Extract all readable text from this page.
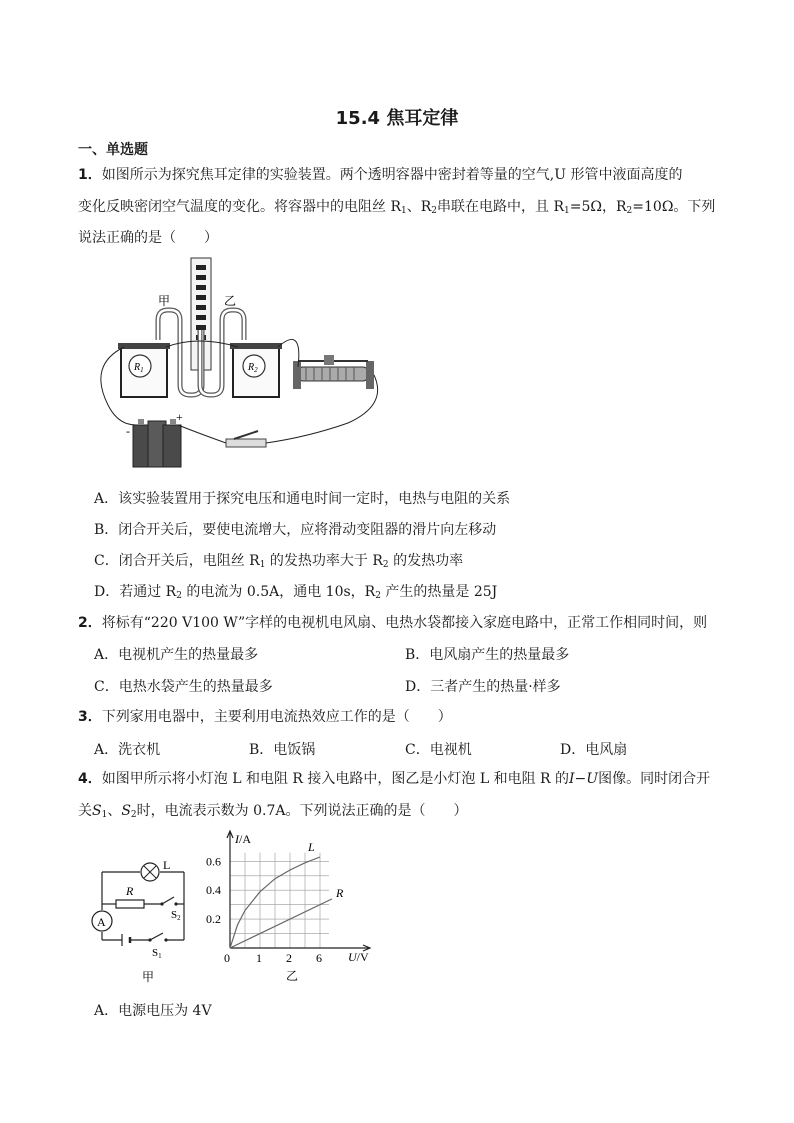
15.4 焦耳定律
一、单选题
1．如图所示为探究焦耳定律的实验装置。两个透明容器中密封着等量的空气,U 形管中液面高度的
变化反映密闭空气温度的变化。将容器中的电阻丝 $R_1$、$R_2$串联在电路中，且 $R_1=5\Omega$，$R_2=10\Omega$。下列
说法正确的是（　　）
甲	乙
$R_1$	$R_2$
-
+
A．该实验装置用于探究电压和通电时间一定时，电热与电阻的关系
B．闭合开关后，要使电流增大，应将滑动变阻器的滑片向左移动
C．闭合开关后，电阻丝 $R_1$ 的发热功率大于 $R_2$ 的发热功率
D．若通过 $R_2$ 的电流为 0.5A，通电 10s，$R_2$ 产生的热量是 25J
2．将标有“220 V100 W”字样的电视机电风扇、电热水袋都接入家庭电路中，正常工作相同时间，则
A．电视机产生的热量最多	B．电风扇产生的热量最多
C．电热水袋产生的热量最多	D．三者产生的热量·样多
3．下列家用电器中，主要利用电流热效应工作的是（　　）
A．洗衣机	B．电饭锅	C．电视机	D．电风扇
4．如图甲所示将小灯泡 L 和电阻 R 接入电路中，图乙是小灯泡 L 和电阻 R 的I−U图像。同时闭合开
关$S_1$、$S_2$时，电流表示数为 0.7A。下列说法正确的是（　　）
A
L
R
S2
S1
甲
0 1 2 6
0.2
0.4
0.6
L
R
I/A
U/V
乙
A．电源电压为 4V
